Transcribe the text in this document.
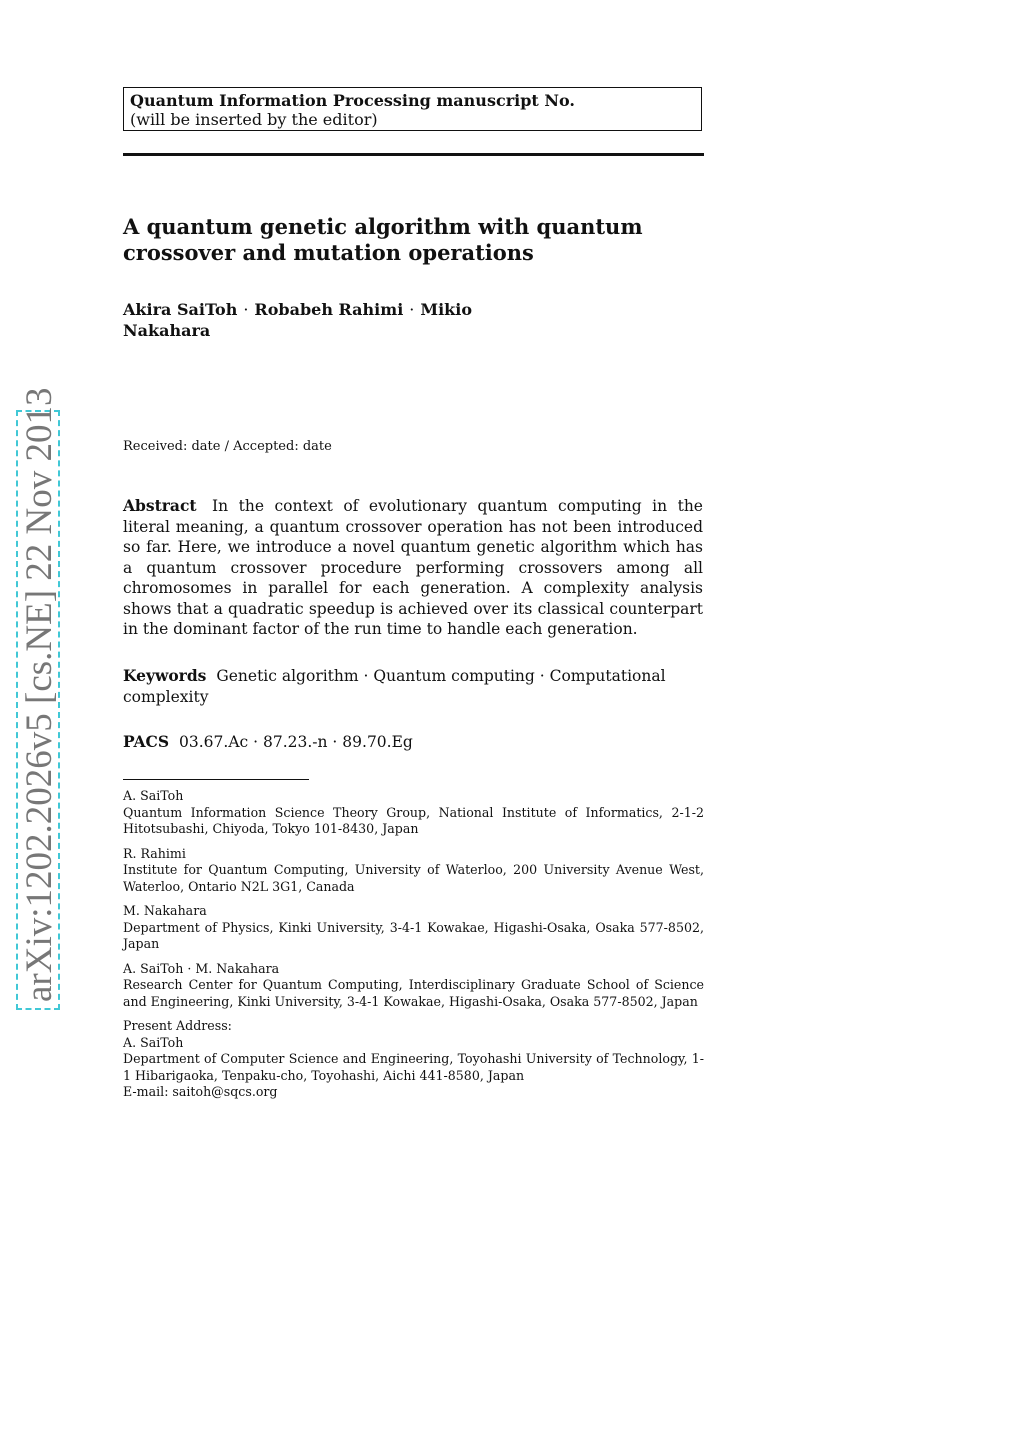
Quantum Information Processing manuscript No.
(will be inserted by the editor)
A quantum genetic algorithm with quantum
crossover and mutation operations
Akira SaiToh · Robabeh Rahimi · Mikio Nakahara
arXiv:1202.2026v5 [cs.NE] 22 Nov 2013	Received: date / Accepted: date

Abstract In the context of evolutionary quantum computing in the literal meaning, a quantum crossover operation has not been introduced so far. Here, we introduce a novel quantum genetic algorithm which has a quantum crossover procedure performing crossovers among all chromosomes in parallel for each generation. A complexity analysis shows that a quadratic speedup is achieved over its classical counterpart in the dominant factor of the run time to handle each generation.

Keywords Genetic algorithm · Quantum computing · Computational complexity

PACS 03.67.Ac · 87.23.-n · 89.70.Eg
A. SaiToh
Quantum Information Science Theory Group, National Institute of Informatics, 2-1-2 Hitotsubashi, Chiyoda, Tokyo 101-8430, Japan
R. Rahimi
Institute for Quantum Computing, University of Waterloo, 200 University Avenue West, Waterloo, Ontario N2L 3G1, Canada
M. Nakahara
Department of Physics, Kinki University, 3-4-1 Kowakae, Higashi-Osaka, Osaka 577-8502, Japan
A. SaiToh · M. Nakahara
Research Center for Quantum Computing, Interdisciplinary Graduate School of Science and Engineering, Kinki University, 3-4-1 Kowakae, Higashi-Osaka, Osaka 577-8502, Japan
Present Address:
A. SaiToh
Department of Computer Science and Engineering, Toyohashi University of Technology, 1-1 Hibarigaoka, Tenpaku-cho, Toyohashi, Aichi 441-8580, Japan
E-mail: saitoh@sqcs.org
